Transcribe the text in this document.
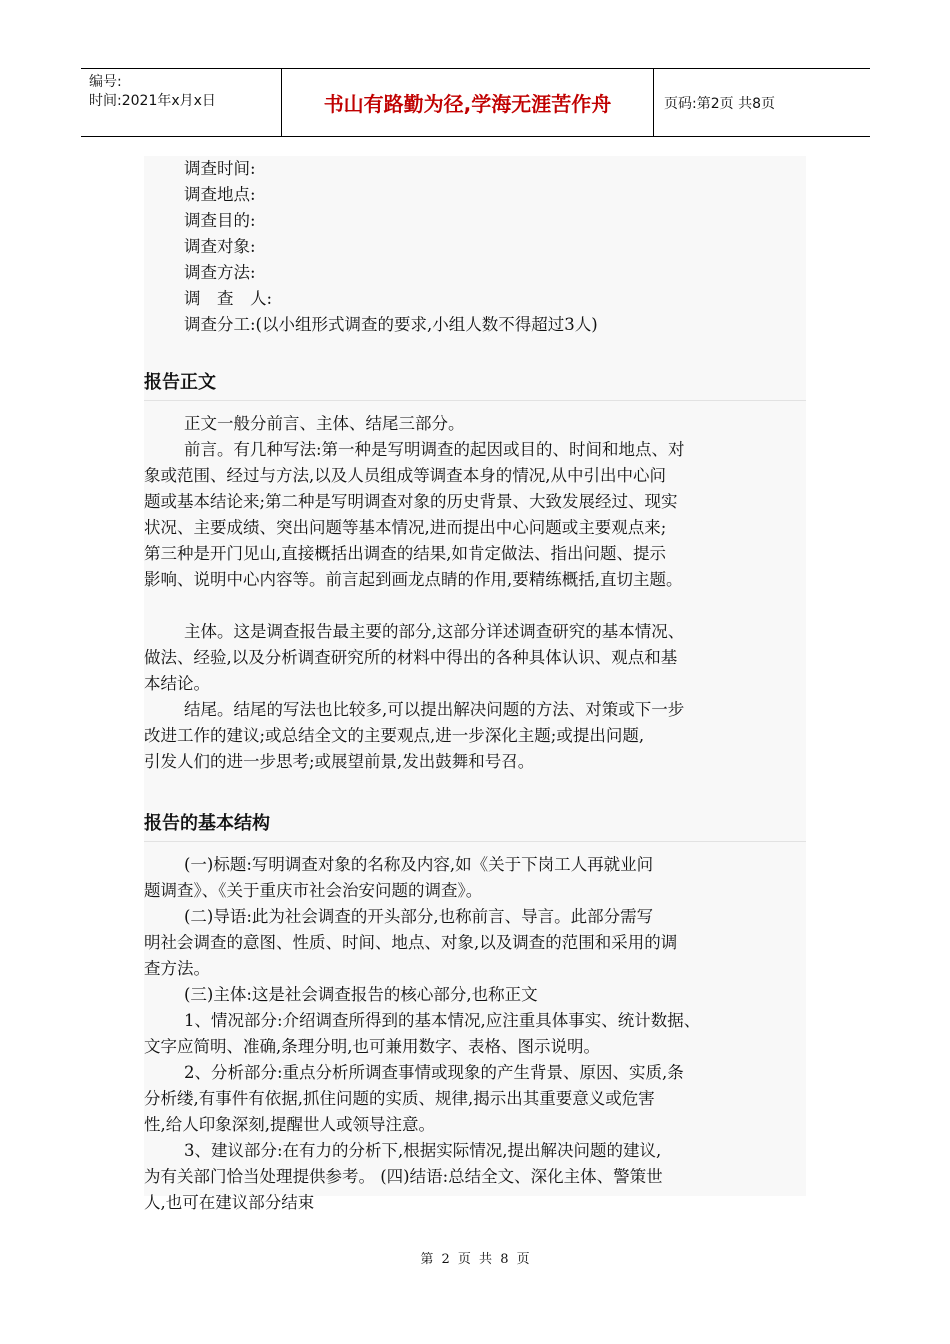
编号:
时间:2021年x月x日	书山有路勤为径,学海无涯苦作舟	页码:第2页 共8页

调查时间:

调查地点:

调查目的:

调查对象:

调查方法:

调　查　人:

调查分工:(以小组形式调查的要求,小组人数不得超过3人)

报告正文

正文一般分前言、主体、结尾三部分。

前言。有几种写法:第一种是写明调查的起因或目的、时间和地点、对

象或范围、经过与方法,以及人员组成等调查本身的情况,从中引出中心问

题或基本结论来;第二种是写明调查对象的历史背景、大致发展经过、现实

状况、主要成绩、突出问题等基本情况,进而提出中心问题或主要观点来;

第三种是开门见山,直接概括出调查的结果,如肯定做法、指出问题、提示

影响、说明中心内容等。前言起到画龙点睛的作用,要精练概括,直切主题。

主体。这是调查报告最主要的部分,这部分详述调查研究的基本情况、

做法、经验,以及分析调查研究所的材料中得出的各种具体认识、观点和基

本结论。

结尾。结尾的写法也比较多,可以提出解决问题的方法、对策或下一步

改进工作的建议;或总结全文的主要观点,进一步深化主题;或提出问题,

引发人们的进一步思考;或展望前景,发出鼓舞和号召。

报告的基本结构

(一)标题:写明调查对象的名称及内容,如《关于下岗工人再就业问

题调查》、《关于重庆市社会治安问题的调查》。

(二)导语:此为社会调查的开头部分,也称前言、导言。此部分需写

明社会调查的意图、性质、时间、地点、对象,以及调查的范围和采用的调

查方法。

(三)主体:这是社会调查报告的核心部分,也称正文

1、情况部分:介绍调查所得到的基本情况,应注重具体事实、统计数据、

文字应简明、准确,条理分明,也可兼用数字、表格、图示说明。

2、分析部分:重点分析所调查事情或现象的产生背景、原因、实质,条

分析缕,有事件有依据,抓住问题的实质、规律,揭示出其重要意义或危害

性,给人印象深刻,提醒世人或领导注意。

3、建议部分:在有力的分析下,根据实际情况,提出解决问题的建议,

为有关部门恰当处理提供参考。 (四)结语:总结全文、深化主体、警策世

人,也可在建议部分结束

第 2 页 共 8 页
